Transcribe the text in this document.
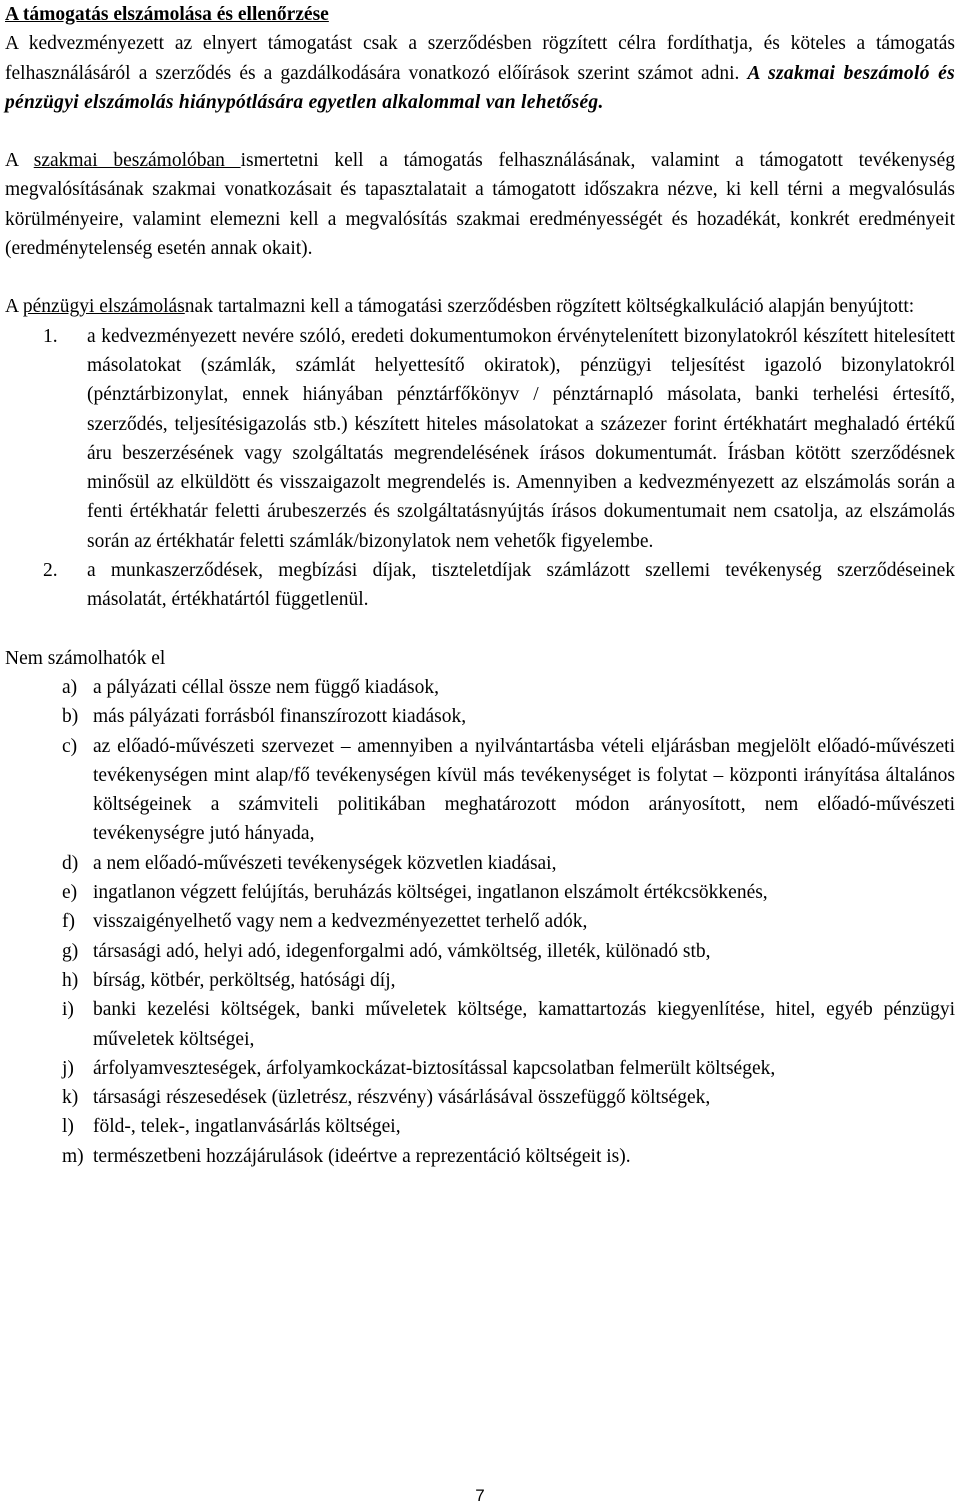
A támogatás elszámolása és ellenőrzése

A kedvezményezett az elnyert támogatást csak a szerződésben rögzített célra fordíthatja, és köteles a támogatás felhasználásáról a szerződés és a gazdálkodására vonatkozó előírások szerint számot adni. A szakmai beszámoló és pénzügyi elszámolás hiánypótlására egyetlen alkalommal van lehetőség.

A szakmai beszámolóban ismertetni kell a támogatás felhasználásának, valamint a támogatott tevékenység megvalósításának szakmai vonatkozásait és tapasztalatait a támogatott időszakra nézve, ki kell térni a megvalósulás körülményeire, valamint elemezni kell a megvalósítás szakmai eredményességét és hozadékát, konkrét eredményeit (eredménytelenség esetén annak okait).

A pénzügyi elszámolásnak tartalmazni kell a támogatási szerződésben rögzített költségkalkuláció alapján benyújtott:

1. a kedvezményezett nevére szóló, eredeti dokumentumokon érvénytelenített bizonylatokról készített hitelesített másolatokat (számlák, számlát helyettesítő okiratok), pénzügyi teljesítést igazoló bizonylatokról (pénztárbizonylat, ennek hiányában pénztárfőkönyv / pénztárnapló másolata, banki terhelési értesítő, szerződés, teljesítésigazolás stb.) készített hiteles másolatokat a százezer forint értékhatárt meghaladó értékű áru beszerzésének vagy szolgáltatás megrendelésének írásos dokumentumát. Írásban kötött szerződésnek minősül az elküldött és visszaigazolt megrendelés is. Amennyiben a kedvezményezett az elszámolás során a fenti értékhatár feletti árubeszerzés és szolgáltatásnyújtás írásos dokumentumait nem csatolja, az elszámolás során az értékhatár feletti számlák/bizonylatok nem vehetők figyelembe.
2. a munkaszerződések, megbízási díjak, tiszteletdíjak számlázott szellemi tevékenység szerződéseinek másolatát, értékhatártól függetlenül.

Nem számolhatók el

a) a pályázati céllal össze nem függő kiadások,
b) más pályázati forrásból finanszírozott kiadások,
c) az előadó-művészeti szervezet – amennyiben a nyilvántartásba vételi eljárásban megjelölt előadó-művészeti tevékenységen mint alap/fő tevékenységen kívül más tevékenységet is folytat – központi irányítása általános költségeinek a számviteli politikában meghatározott módon arányosított, nem előadó-művészeti tevékenységre jutó hányada,
d) a nem előadó-művészeti tevékenységek közvetlen kiadásai,
e) ingatlanon végzett felújítás, beruházás költségei, ingatlanon elszámolt értékcsökkenés,
f) visszaigényelhető vagy nem a kedvezményezettet terhelő adók,
g) társasági adó, helyi adó, idegenforgalmi adó, vámköltség, illeték, különadó stb,
h) bírság, kötbér, perköltség, hatósági díj,
i) banki kezelési költségek, banki műveletek költsége, kamattartozás kiegyenlítése, hitel, egyéb pénzügyi műveletek költségei,
j) árfolyamveszteségek, árfolyamkockázat-biztosítással kapcsolatban felmerült költségek,
k) társasági részesedések (üzletrész, részvény) vásárlásával összefüggő költségek,
l) föld-, telek-, ingatlanvásárlás költségei,
m) természetbeni hozzájárulások (ideértve a reprezentáció költségeit is).
7
